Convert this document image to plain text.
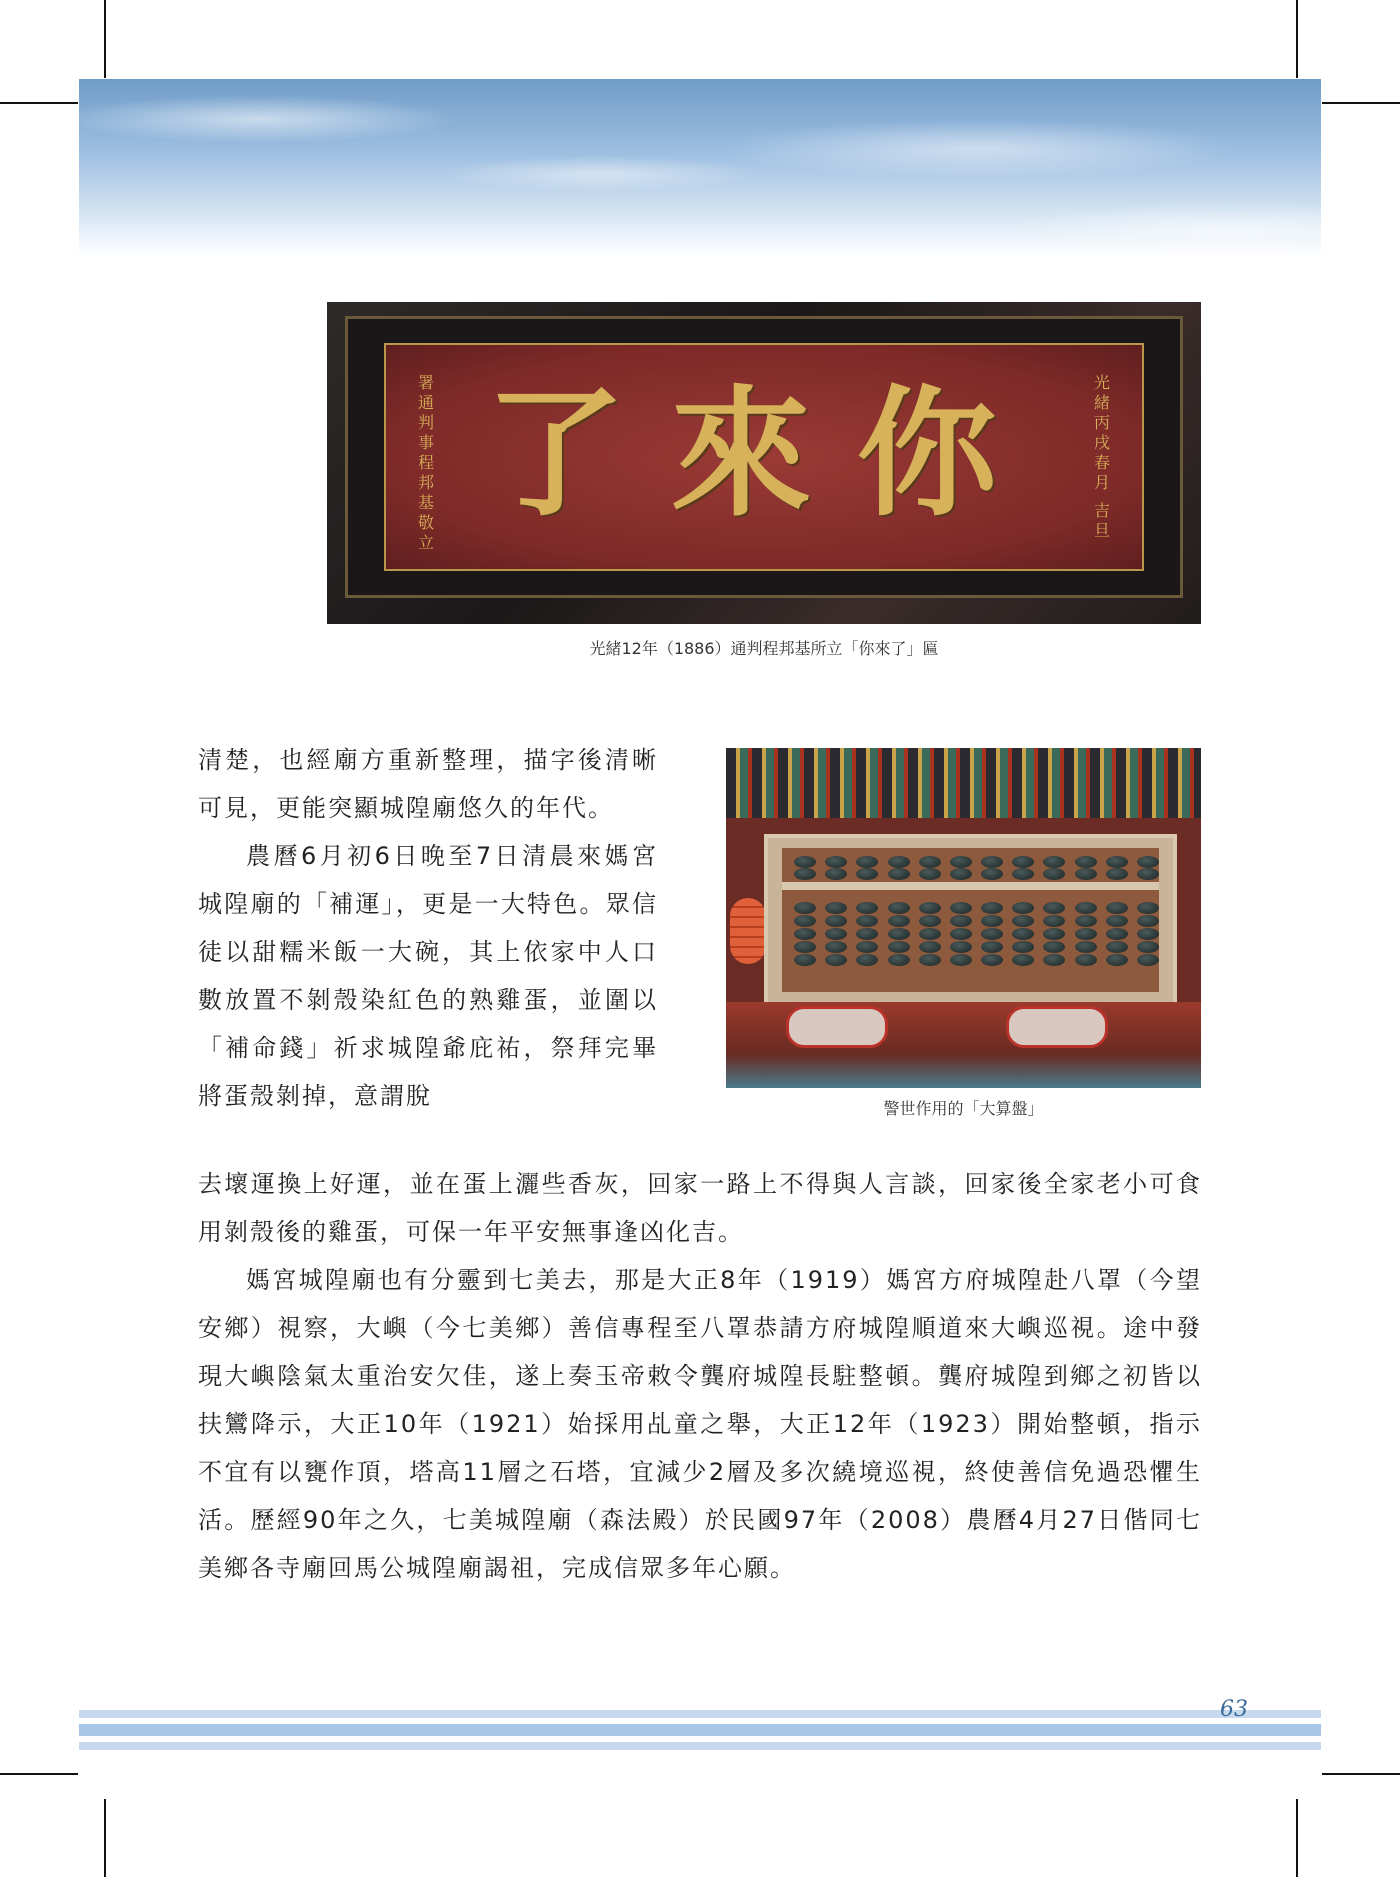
署通判事程邦基敬立
了來你	光緒丙戌春月
吉旦
光緒12年（1886）通判程邦基所立「你來了」匾
警世作用的「大算盤」

清楚，也經廟方重新整理，描字後清晰可見，更能突顯城隍廟悠久的年代。

農曆6月初6日晚至7日清晨來媽宮城隍廟的「補運」，更是一大特色。眾信徒以甜糯米飯一大碗，其上依家中人口數放置不剝殼染紅色的熟雞蛋，並圍以「補命錢」祈求城隍爺庇祐，祭拜完畢將蛋殼剝掉，意謂脫

去壞運換上好運，並在蛋上灑些香灰，回家一路上不得與人言談，回家後全家老小可食用剝殼後的雞蛋，可保一年平安無事逢凶化吉。

媽宮城隍廟也有分靈到七美去，那是大正8年（1919）媽宮方府城隍赴八罩（今望安鄉）視察，大嶼（今七美鄉）善信專程至八罩恭請方府城隍順道來大嶼巡視。途中發現大嶼陰氣太重治安欠佳，遂上奏玉帝敕令龔府城隍長駐整頓。龔府城隍到鄉之初皆以扶鸞降示，大正10年（1921）始採用乩童之舉，大正12年（1923）開始整頓，指示不宜有以甕作頂，塔高11層之石塔，宜減少2層及多次繞境巡視，終使善信免過恐懼生活。歷經90年之久，七美城隍廟（森法殿）於民國97年（2008）農曆4月27日偕同七美鄉各寺廟回馬公城隍廟謁祖，完成信眾多年心願。

63
